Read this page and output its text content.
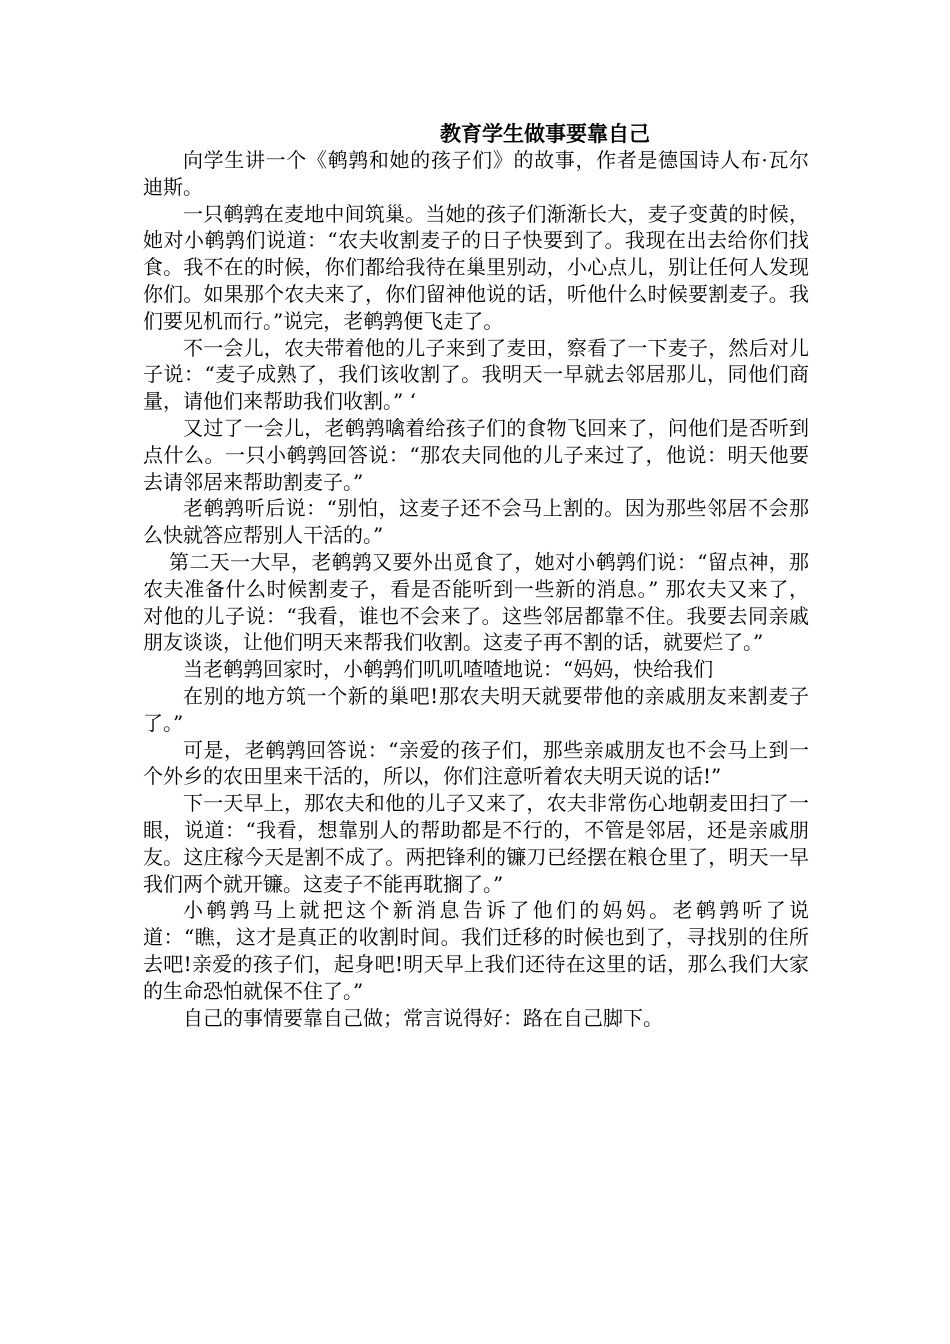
教育学生做事要靠自己

向学生讲一个《鹌鹑和她的孩子们》的故事，作者是德国诗人布·瓦尔迪斯。

一只鹌鹑在麦地中间筑巢。当她的孩子们渐渐长大，麦子变黄的时候，她对小鹌鹑们说道：“农夫收割麦子的日子快要到了。我现在出去给你们找食。我不在的时候，你们都给我待在巢里别动，小心点儿，别让任何人发现你们。如果那个农夫来了，你们留神他说的话，听他什么时候要割麦子。我们要见机而行。”说完，老鹌鹑便飞走了。

不一会儿，农夫带着他的儿子来到了麦田，察看了一下麦子，然后对儿子说：“麦子成熟了，我们该收割了。我明天一早就去邻居那儿，同他们商量，请他们来帮助我们收割。” ‘

又过了一会儿，老鹌鹑噙着给孩子们的食物飞回来了，问他们是否听到点什么。一只小鹌鹑回答说：“那农夫同他的儿子来过了，他说：明天他要去请邻居来帮助割麦子。”

老鹌鹑听后说：“别怕，这麦子还不会马上割的。因为那些邻居不会那么快就答应帮别人干活的。”

第二天一大早，老鹌鹑又要外出觅食了，她对小鹌鹑们说：“留点神，那农夫准备什么时候割麦子，看是否能听到一些新的消息。” 那农夫又来了，对他的儿子说：“我看，谁也不会来了。这些邻居都靠不住。我要去同亲戚朋友谈谈，让他们明天来帮我们收割。这麦子再不割的话，就要烂了。”

当老鹌鹑回家时，小鹌鹑们叽叽喳喳地说：“妈妈，快给我们

在别的地方筑一个新的巢吧!那农夫明天就要带他的亲戚朋友来割麦子了。”

可是，老鹌鹑回答说：“亲爱的孩子们，那些亲戚朋友也不会马上到一个外乡的农田里来干活的，所以，你们注意听着农夫明天说的话!”

下一天早上，那农夫和他的儿子又来了，农夫非常伤心地朝麦田扫了一眼，说道：“我看，想靠别人的帮助都是不行的，不管是邻居，还是亲戚朋友。这庄稼今天是割不成了。两把锋利的镰刀已经摆在粮仓里了，明天一早我们两个就开镰。这麦子不能再耽搁了。”

小鹌鹑马上就把这个新消息告诉了他们的妈妈。老鹌鹑听了说道：“瞧，这才是真正的收割时间。我们迁移的时候也到了，寻找别的住所去吧!亲爱的孩子们，起身吧!明天早上我们还待在这里的话，那么我们大家的生命恐怕就保不住了。”

自己的事情要靠自己做；常言说得好：路在自己脚下。
